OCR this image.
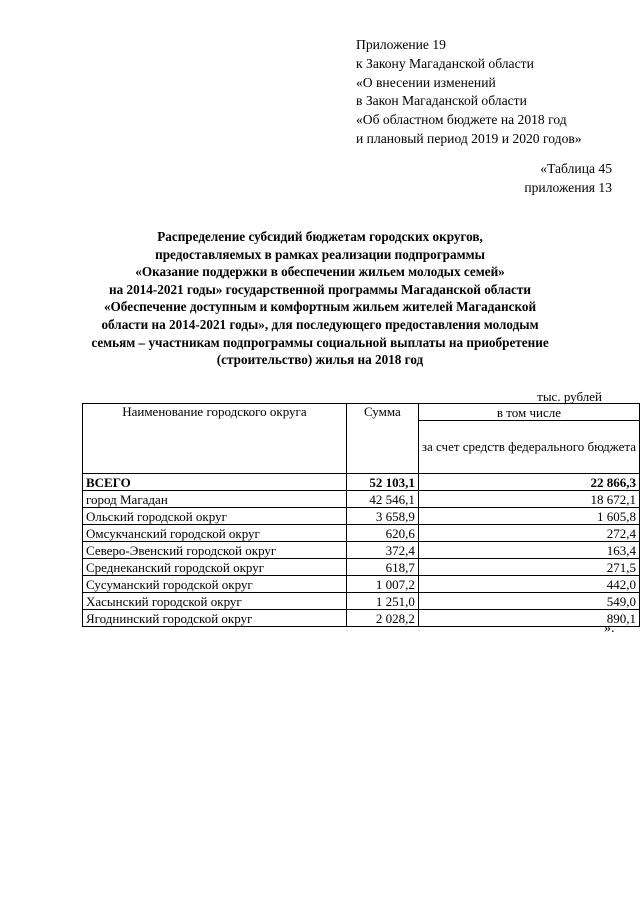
Приложение 19
к Закону Магаданской области
«О внесении изменений
в Закон Магаданской области
«Об областном бюджете на 2018 год
и плановый период 2019 и 2020 годов»
«Таблица 45
приложения 13
Распределение субсидий бюджетам городских округов,
предоставляемых в рамках реализации подпрограммы
«Оказание поддержки в обеспечении жильем молодых семей»
на 2014-2021 годы» государственной программы Магаданской области
«Обеспечение доступным и комфортным жильем жителей Магаданской
области на 2014-2021 годы», для последующего предоставления молодым
семьям – участникам подпрограммы социальной выплаты на приобретение
(строительство) жилья на 2018 год
тыс. рублей
Наименование городского округа	Сумма	в том числе
		за счет средств федерального бюджета
ВСЕГО	52 103,1	22 866,3
город Магадан	42 546,1	18 672,1
Ольский городской округ	3 658,9	1 605,8
Омсукчанский городской округ	620,6	272,4
Северо-Эвенский городской округ	372,4	163,4
Среднеканский городской округ	618,7	271,5
Сусуманский городской округ	1 007,2	442,0
Хасынский городской округ	1 251,0	549,0
Ягоднинский городской округ	2 028,2	890,1
».
